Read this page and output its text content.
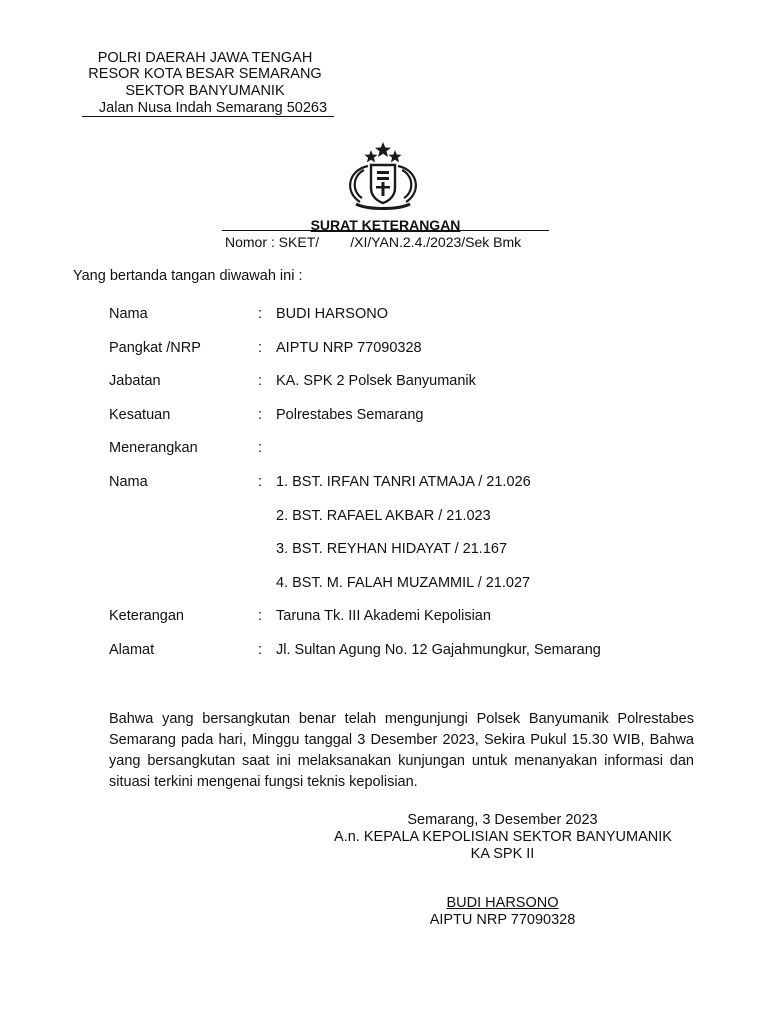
POLRI DAERAH JAWA TENGAH
RESOR KOTA BESAR SEMARANG
SEKTOR BANYUMANIK
Jalan Nusa Indah Semarang 50263
SURAT KETERANGAN
Nomor : SKET/        /XI/YAN.2.4./2023/Sek Bmk
Yang bertanda tangan diwawah ini :
Nama	: BUDI HARSONO
Pangkat /NRP	: AIPTU NRP 77090328
Jabatan	: KA. SPK 2 Polsek Banyumanik
Kesatuan	: Polrestabes Semarang
Menerangkan	:
Nama	: 1. BST. IRFAN TANRI ATMAJA / 21.026
2. BST. RAFAEL AKBAR / 21.023
3. BST. REYHAN HIDAYAT / 21.167
4. BST. M. FALAH MUZAMMIL / 21.027
Keterangan	: Taruna Tk. III Akademi Kepolisian
Alamat	: Jl. Sultan Agung No. 12 Gajahmungkur, Semarang
Bahwa yang bersangkutan benar telah mengunjungi Polsek Banyumanik Polrestabes Semarang pada hari, Minggu tanggal 3 Desember 2023, Sekira Pukul 15.30 WIB, Bahwa yang bersangkutan saat ini melaksanakan kunjungan untuk menanyakan informasi dan situasi terkini mengenai fungsi teknis kepolisian.
Semarang, 3 Desember 2023
A.n. KEPALA KEPOLISIAN SEKTOR BANYUMANIK
KA SPK II
BUDI HARSONO
AIPTU NRP 77090328
